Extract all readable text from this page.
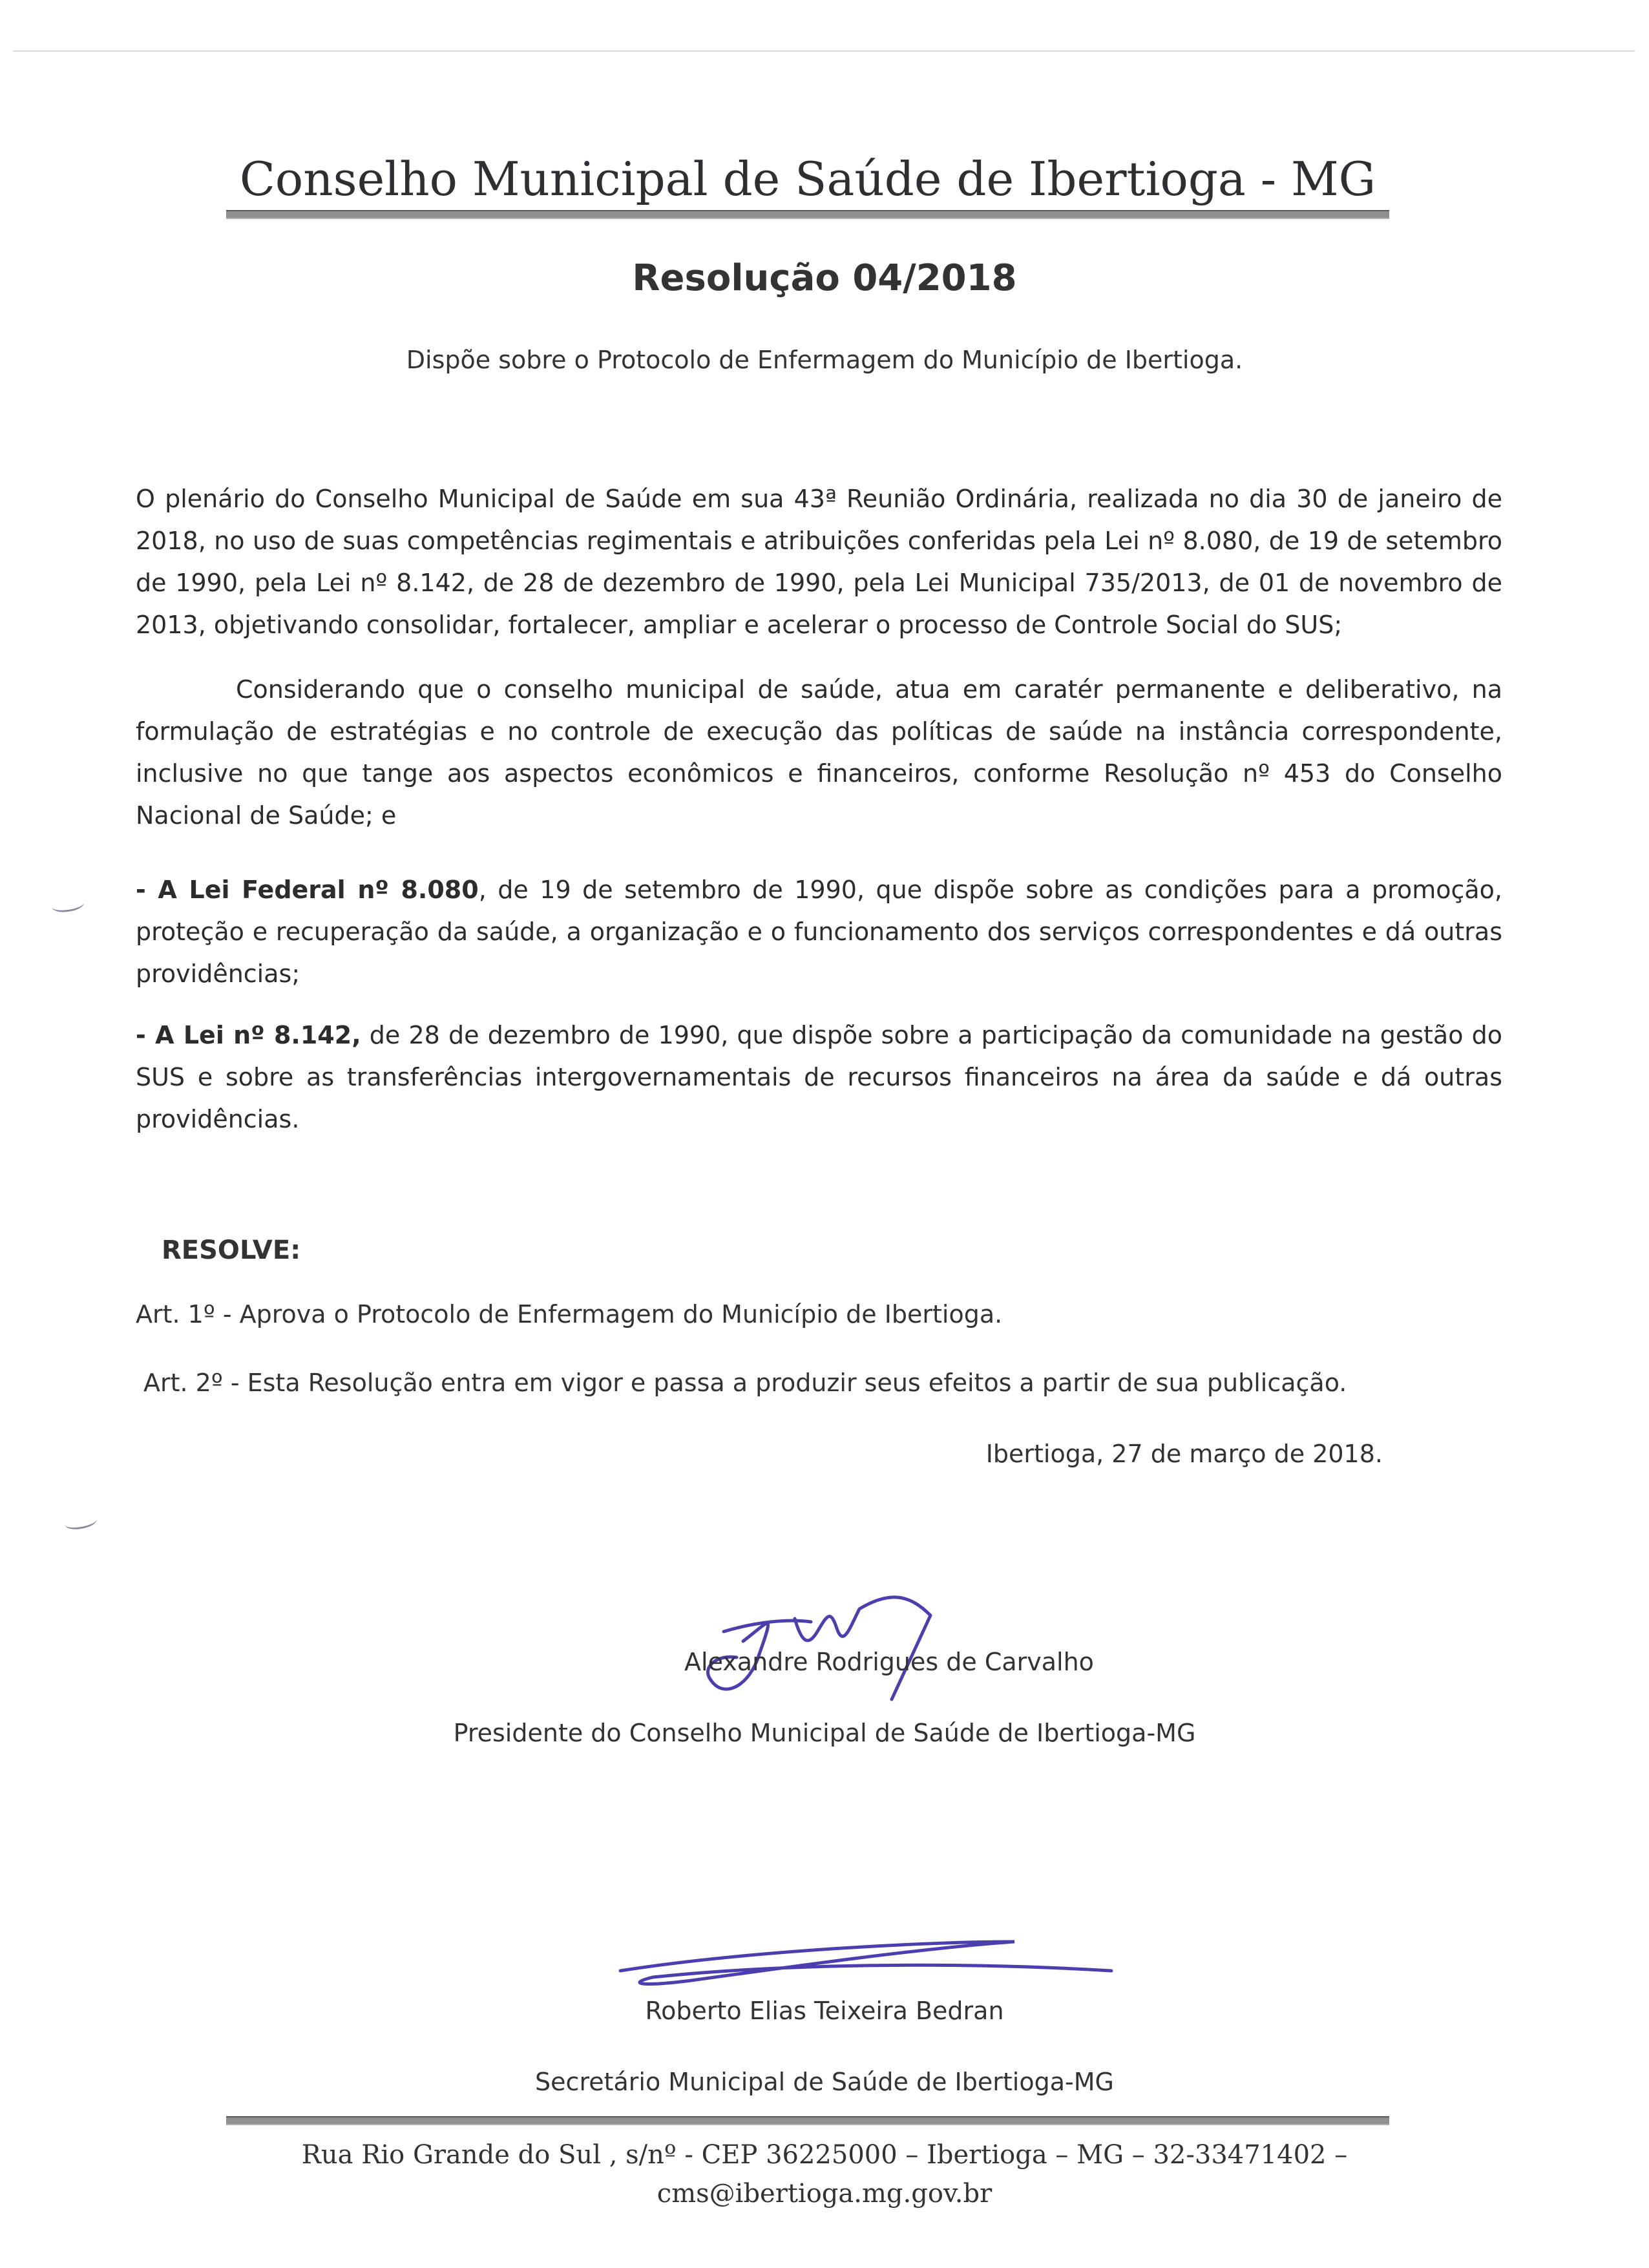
Conselho Municipal de Saúde de Ibertioga - MG
Resolução 04/2018
Dispõe sobre o Protocolo de Enfermagem do Município de Ibertioga.
O plenário do Conselho Municipal de Saúde em sua 43ª Reunião Ordinária, realizada no dia 30 de janeiro de 2018, no uso de suas competências regimentais e atribuições conferidas pela Lei nº 8.080, de 19 de setembro de 1990, pela Lei nº 8.142, de 28 de dezembro de 1990, pela Lei Municipal 735/2013, de 01 de novembro de 2013, objetivando consolidar, fortalecer, ampliar e acelerar o processo de Controle Social do SUS;
Considerando que o conselho municipal de saúde, atua em caratér permanente e deliberativo, na formulação de estratégias e no controle de execução das políticas de saúde na instância correspondente, inclusive no que tange aos aspectos econômicos e financeiros, conforme Resolução nº 453 do Conselho Nacional de Saúde; e
- A Lei Federal nº 8.080, de 19 de setembro de 1990, que dispõe sobre as condições para a promoção, proteção e recuperação da saúde, a organização e o funcionamento dos serviços correspondentes e dá outras providências;
- A Lei nº 8.142, de 28 de dezembro de 1990, que dispõe sobre a participação da comunidade na gestão do SUS e sobre as transferências intergovernamentais de recursos financeiros na área da saúde e dá outras providências.
RESOLVE:
Art. 1º - Aprova o Protocolo de Enfermagem do Município de Ibertioga.
Art. 2º - Esta Resolução entra em vigor e passa a produzir seus efeitos a partir de sua publicação.
Ibertioga, 27 de março de 2018.
Alexandre Rodrigues de Carvalho
Presidente do Conselho Municipal de Saúde de Ibertioga-MG
Roberto Elias Teixeira Bedran
Secretário Municipal de Saúde de Ibertioga-MG
Rua Rio Grande do Sul , s/nº - CEP 36225000 – Ibertioga – MG – 32-33471402 –
cms@ibertioga.mg.gov.br
